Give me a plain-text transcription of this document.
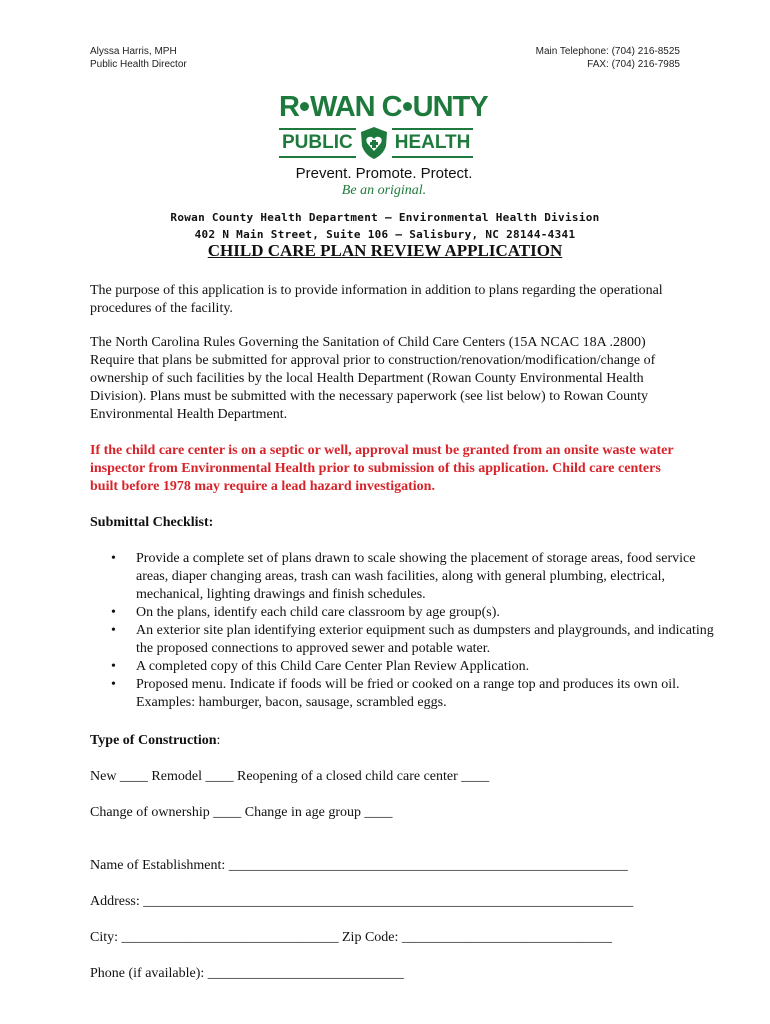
Alyssa Harris, MPH
Public Health Director
Main Telephone: (704) 216-8525
FAX: (704) 216-7985
R WAN C UNTY
PUBLIC HEALTH
Prevent. Promote. Protect.
Be an original.
Rowan County Health Department – Environmental Health Division
402 N Main Street, Suite 106 – Salisbury, NC 28144-4341
CHILD CARE PLAN REVIEW APPLICATION

The purpose of this application is to provide information in addition to plans regarding the operational procedures of the facility.

The North Carolina Rules Governing the Sanitation of Child Care Centers (15A NCAC 18A .2800) Require that plans be submitted for approval prior to construction/renovation/modification/change of ownership of such facilities by the local Health Department (Rowan County Environmental Health Division). Plans must be submitted with the necessary paperwork (see list below) to Rowan County Environmental Health Department.

If the child care center is on a septic or well, approval must be granted from an onsite waste water inspector from Environmental Health prior to submission of this application. Child care centers built before 1978 may require a lead hazard investigation.

Submittal Checklist:

• Provide a complete set of plans drawn to scale showing the placement of storage areas, food service areas, diaper changing areas, trash can wash facilities, along with general plumbing, electrical, mechanical, lighting drawings and finish schedules.
• On the plans, identify each child care classroom by age group(s).
• An exterior site plan identifying exterior equipment such as dumpsters and playgrounds, and indicating the proposed connections to approved sewer and potable water.
• A completed copy of this Child Care Center Plan Review Application.
• Proposed menu. Indicate if foods will be fried or cooked on a range top and produces its own oil. Examples: hamburger, bacon, sausage, scrambled eggs.
Type of Construction:
New ____ Remodel ____ Reopening of a closed child care center ____
Change of ownership ____ Change in age group ____
Name of Establishment: _________________________________________________________
Address: ______________________________________________________________________
City: _______________________________ Zip Code: ______________________________
Phone (if available): ____________________________
